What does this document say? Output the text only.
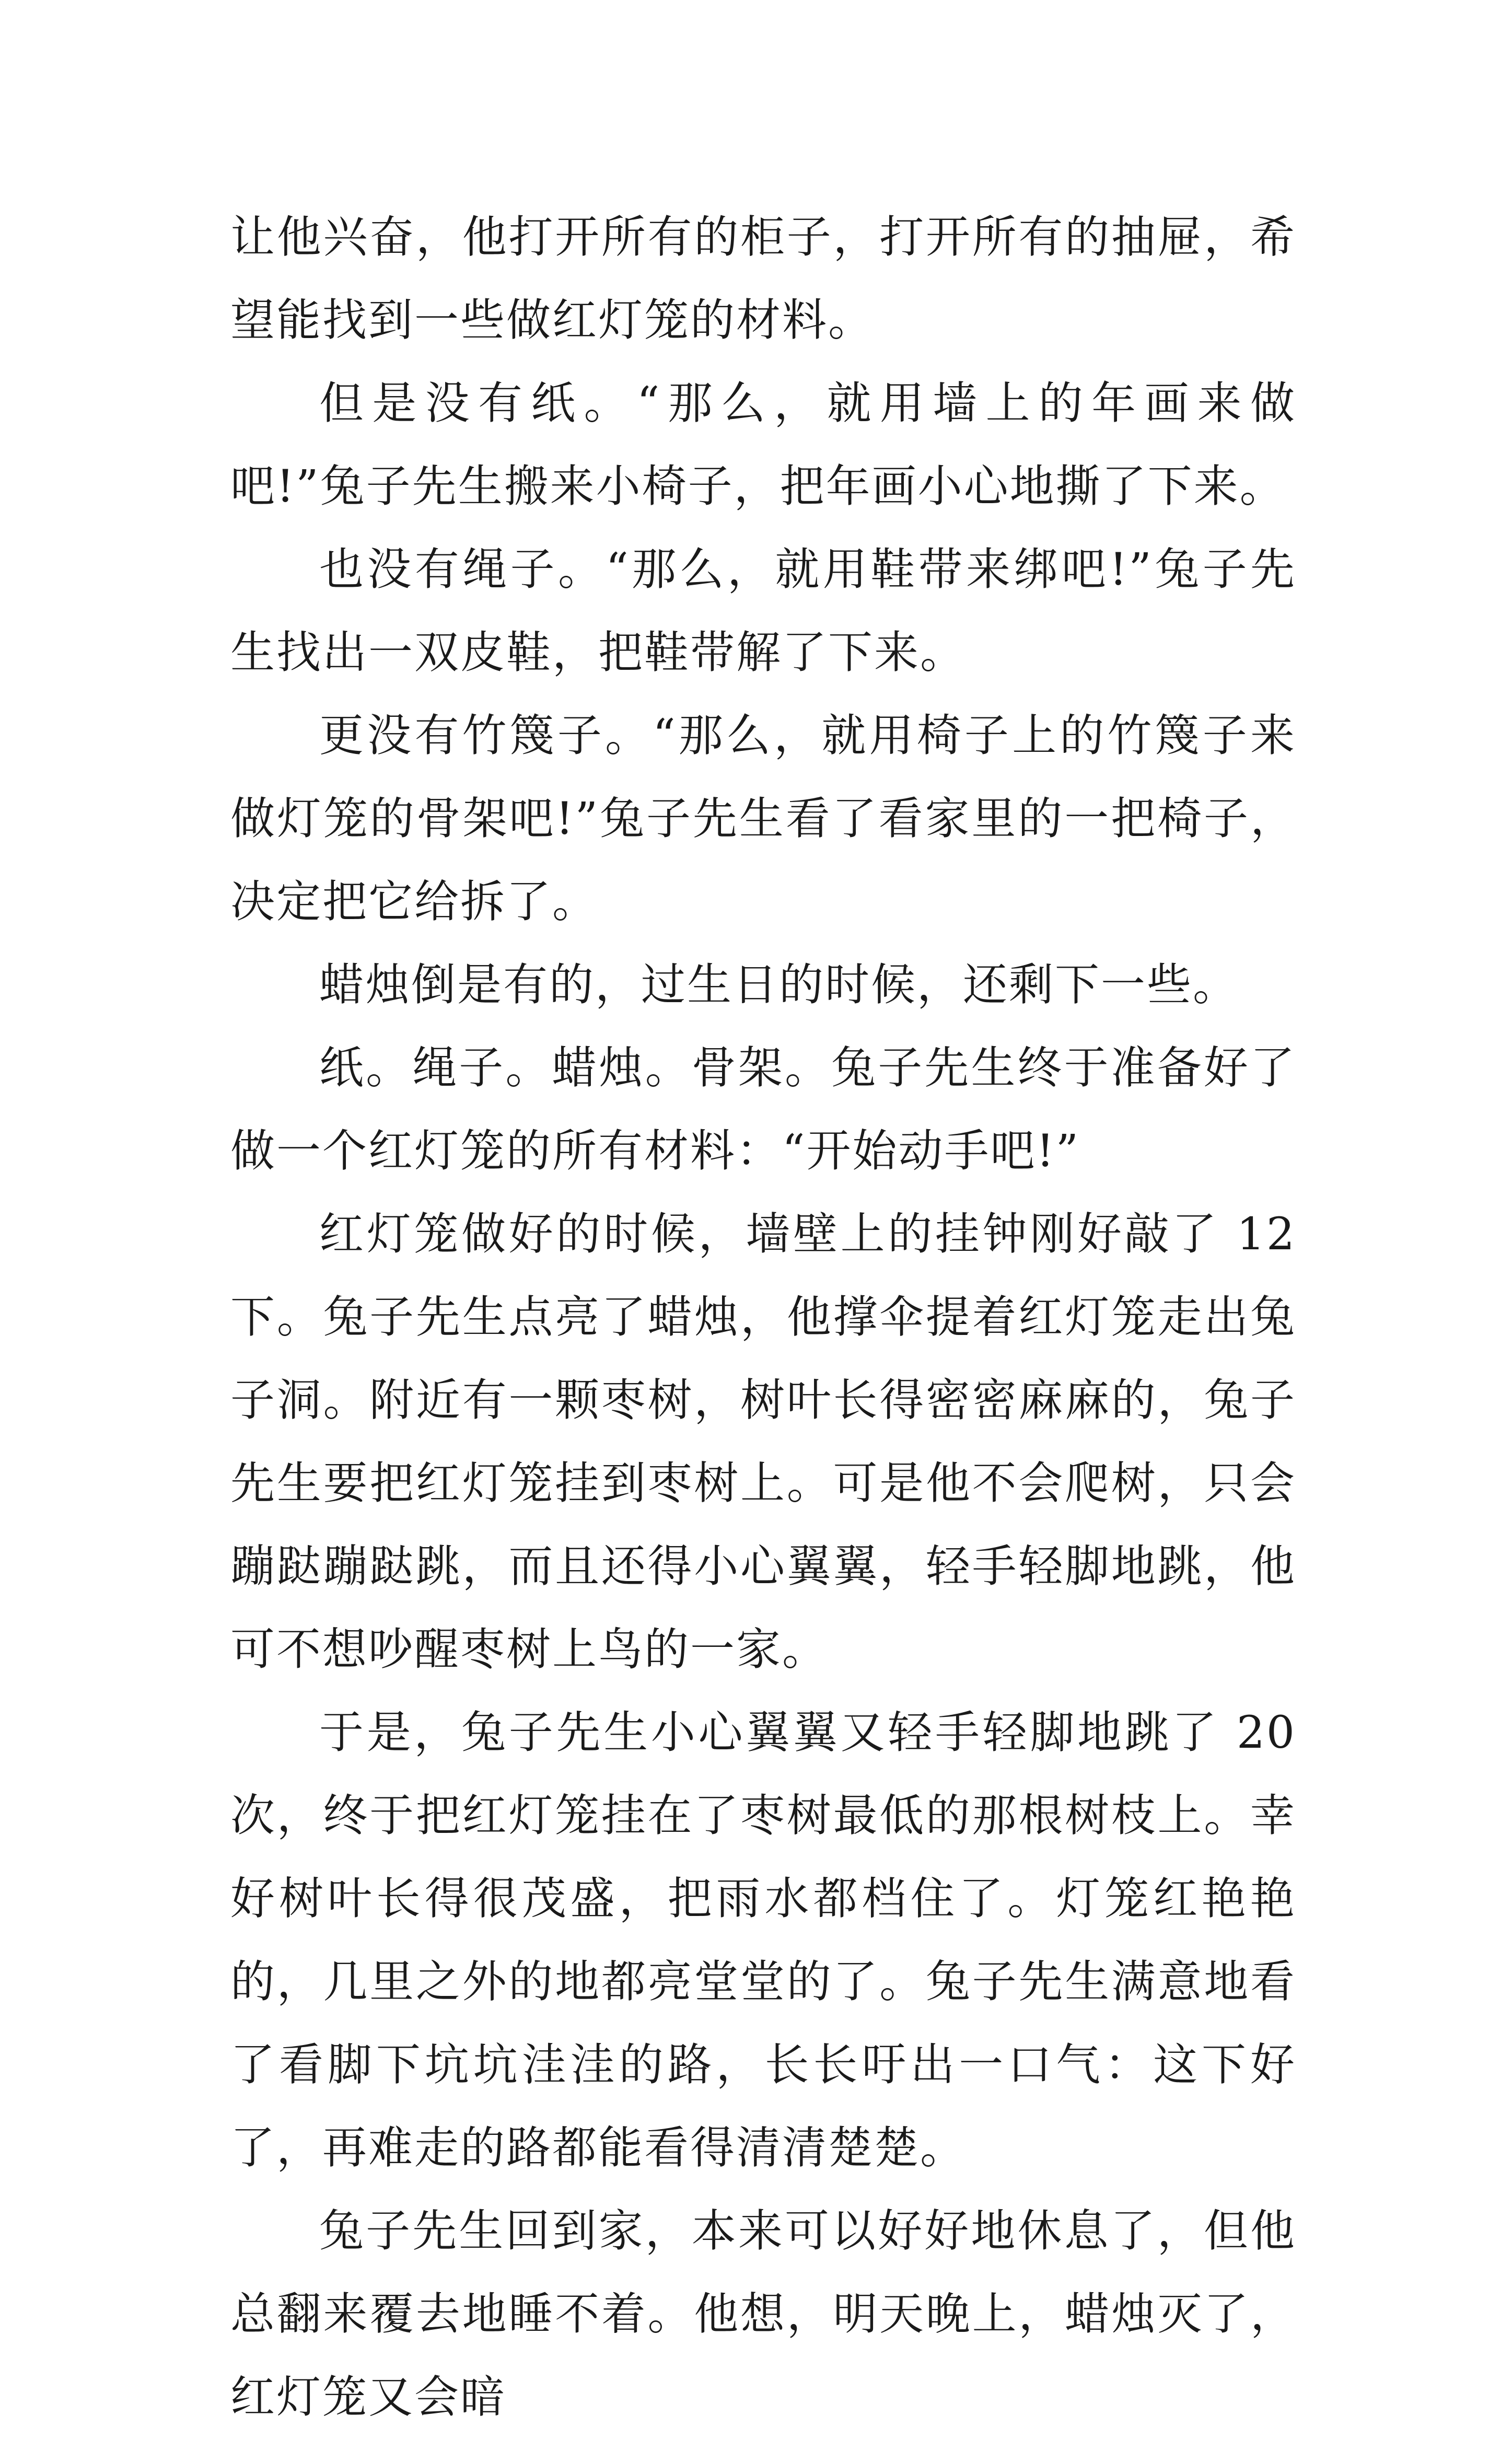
让他兴奋，他打开所有的柜子，打开所有的抽屉，希望能找到一些做红灯笼的材料。

但是没有纸。“那么，就用墙上的年画来做吧!”兔子先生搬来小椅子，把年画小心地撕了下来。

也没有绳子。“那么，就用鞋带来绑吧!”兔子先生找出一双皮鞋，把鞋带解了下来。

更没有竹篾子。“那么，就用椅子上的竹篾子来做灯笼的骨架吧!”兔子先生看了看家里的一把椅子，决定把它给拆了。

蜡烛倒是有的，过生日的时候，还剩下一些。

纸。绳子。蜡烛。骨架。兔子先生终于准备好了做一个红灯笼的所有材料：“开始动手吧!”

红灯笼做好的时候，墙壁上的挂钟刚好敲了 12 下。兔子先生点亮了蜡烛，他撑伞提着红灯笼走出兔子洞。附近有一颗枣树，树叶长得密密麻麻的，兔子先生要把红灯笼挂到枣树上。可是他不会爬树，只会蹦跶蹦跶跳，而且还得小心翼翼，轻手轻脚地跳，他可不想吵醒枣树上鸟的一家。

于是，兔子先生小心翼翼又轻手轻脚地跳了 20 次，终于把红灯笼挂在了枣树最低的那根树枝上。幸好树叶长得很茂盛，把雨水都档住了。灯笼红艳艳的，几里之外的地都亮堂堂的了。兔子先生满意地看了看脚下坑坑洼洼的路，长长吁出一口气：这下好了，再难走的路都能看得清清楚楚。

兔子先生回到家，本来可以好好地休息了，但他总翻来覆去地睡不着。他想，明天晚上，蜡烛灭了，红灯笼又会暗
